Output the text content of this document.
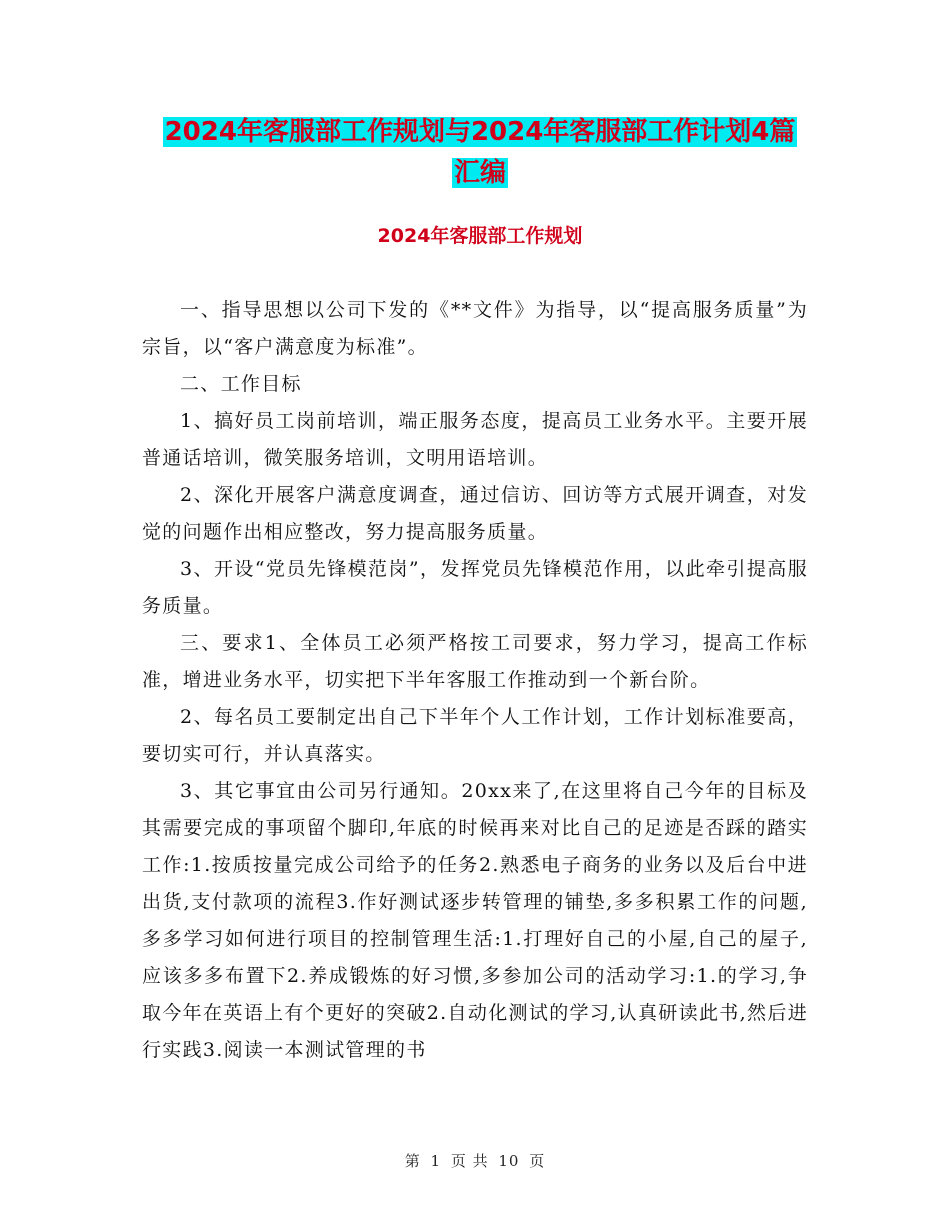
2024年客服部工作规划与2024年客服部工作计划4篇
汇编
2024年客服部工作规划

一、指导思想以公司下发的《**文件》为指导，以“提高服务质量”为宗旨，以“客户满意度为标准”。

二、工作目标

1、搞好员工岗前培训，端正服务态度，提高员工业务水平。主要开展普通话培训，微笑服务培训，文明用语培训。

2、深化开展客户满意度调查，通过信访、回访等方式展开调查，对发觉的问题作出相应整改，努力提高服务质量。

3、开设“党员先锋模范岗”，发挥党员先锋模范作用，以此牵引提高服务质量。

三、要求1、全体员工必须严格按工司要求，努力学习，提高工作标准，增进业务水平，切实把下半年客服工作推动到一个新台阶。

2、每名员工要制定出自己下半年个人工作计划，工作计划标准要高，要切实可行，并认真落实。

3、其它事宜由公司另行通知。20xx来了,在这里将自己今年的目标及其需要完成的事项留个脚印,年底的时候再来对比自己的足迹是否踩的踏实工作:1.按质按量完成公司给予的任务2.熟悉电子商务的业务以及后台中进出货,支付款项的流程3.作好测试逐步转管理的铺垫,多多积累工作的问题,多多学习如何进行项目的控制管理生活:1.打理好自己的小屋,自己的屋子,应该多多布置下2.养成锻炼的好习惯,多参加公司的活动学习:1.的学习,争取今年在英语上有个更好的突破2.自动化测试的学习,认真研读此书,然后进行实践3.阅读一本测试管理的书

第 1 页 共 10 页
